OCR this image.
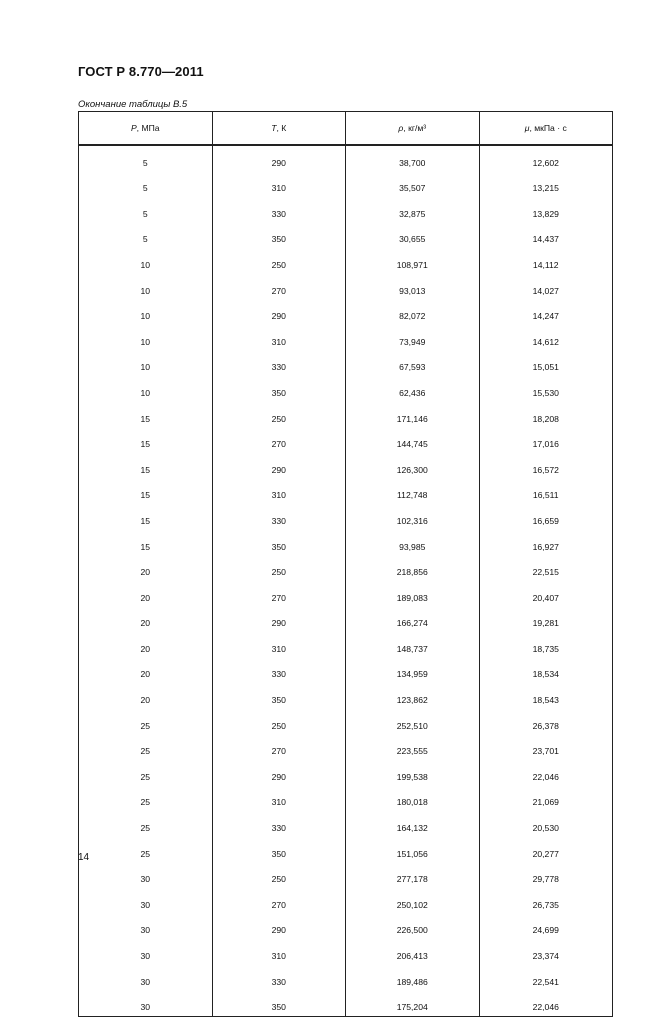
ГОСТ Р 8.770—2011
Окончание таблицы В.5
P, МПа	T, К	ρ, кг/м³	μ, мкПа · с
5	290	38,700	12,602
5	310	35,507	13,215
5	330	32,875	13,829
5	350	30,655	14,437
10	250	108,971	14,112
10	270	93,013	14,027
10	290	82,072	14,247
10	310	73,949	14,612
10	330	67,593	15,051
10	350	62,436	15,530
15	250	171,146	18,208
15	270	144,745	17,016
15	290	126,300	16,572
15	310	112,748	16,511
15	330	102,316	16,659
15	350	93,985	16,927
20	250	218,856	22,515
20	270	189,083	20,407
20	290	166,274	19,281
20	310	148,737	18,735
20	330	134,959	18,534
20	350	123,862	18,543
25	250	252,510	26,378
25	270	223,555	23,701
25	290	199,538	22,046
25	310	180,018	21,069
25	330	164,132	20,530
25	350	151,056	20,277
30	250	277,178	29,778
30	270	250,102	26,735
30	290	226,500	24,699
30	310	206,413	23,374
30	330	189,486	22,541
30	350	175,204	22,046
14
